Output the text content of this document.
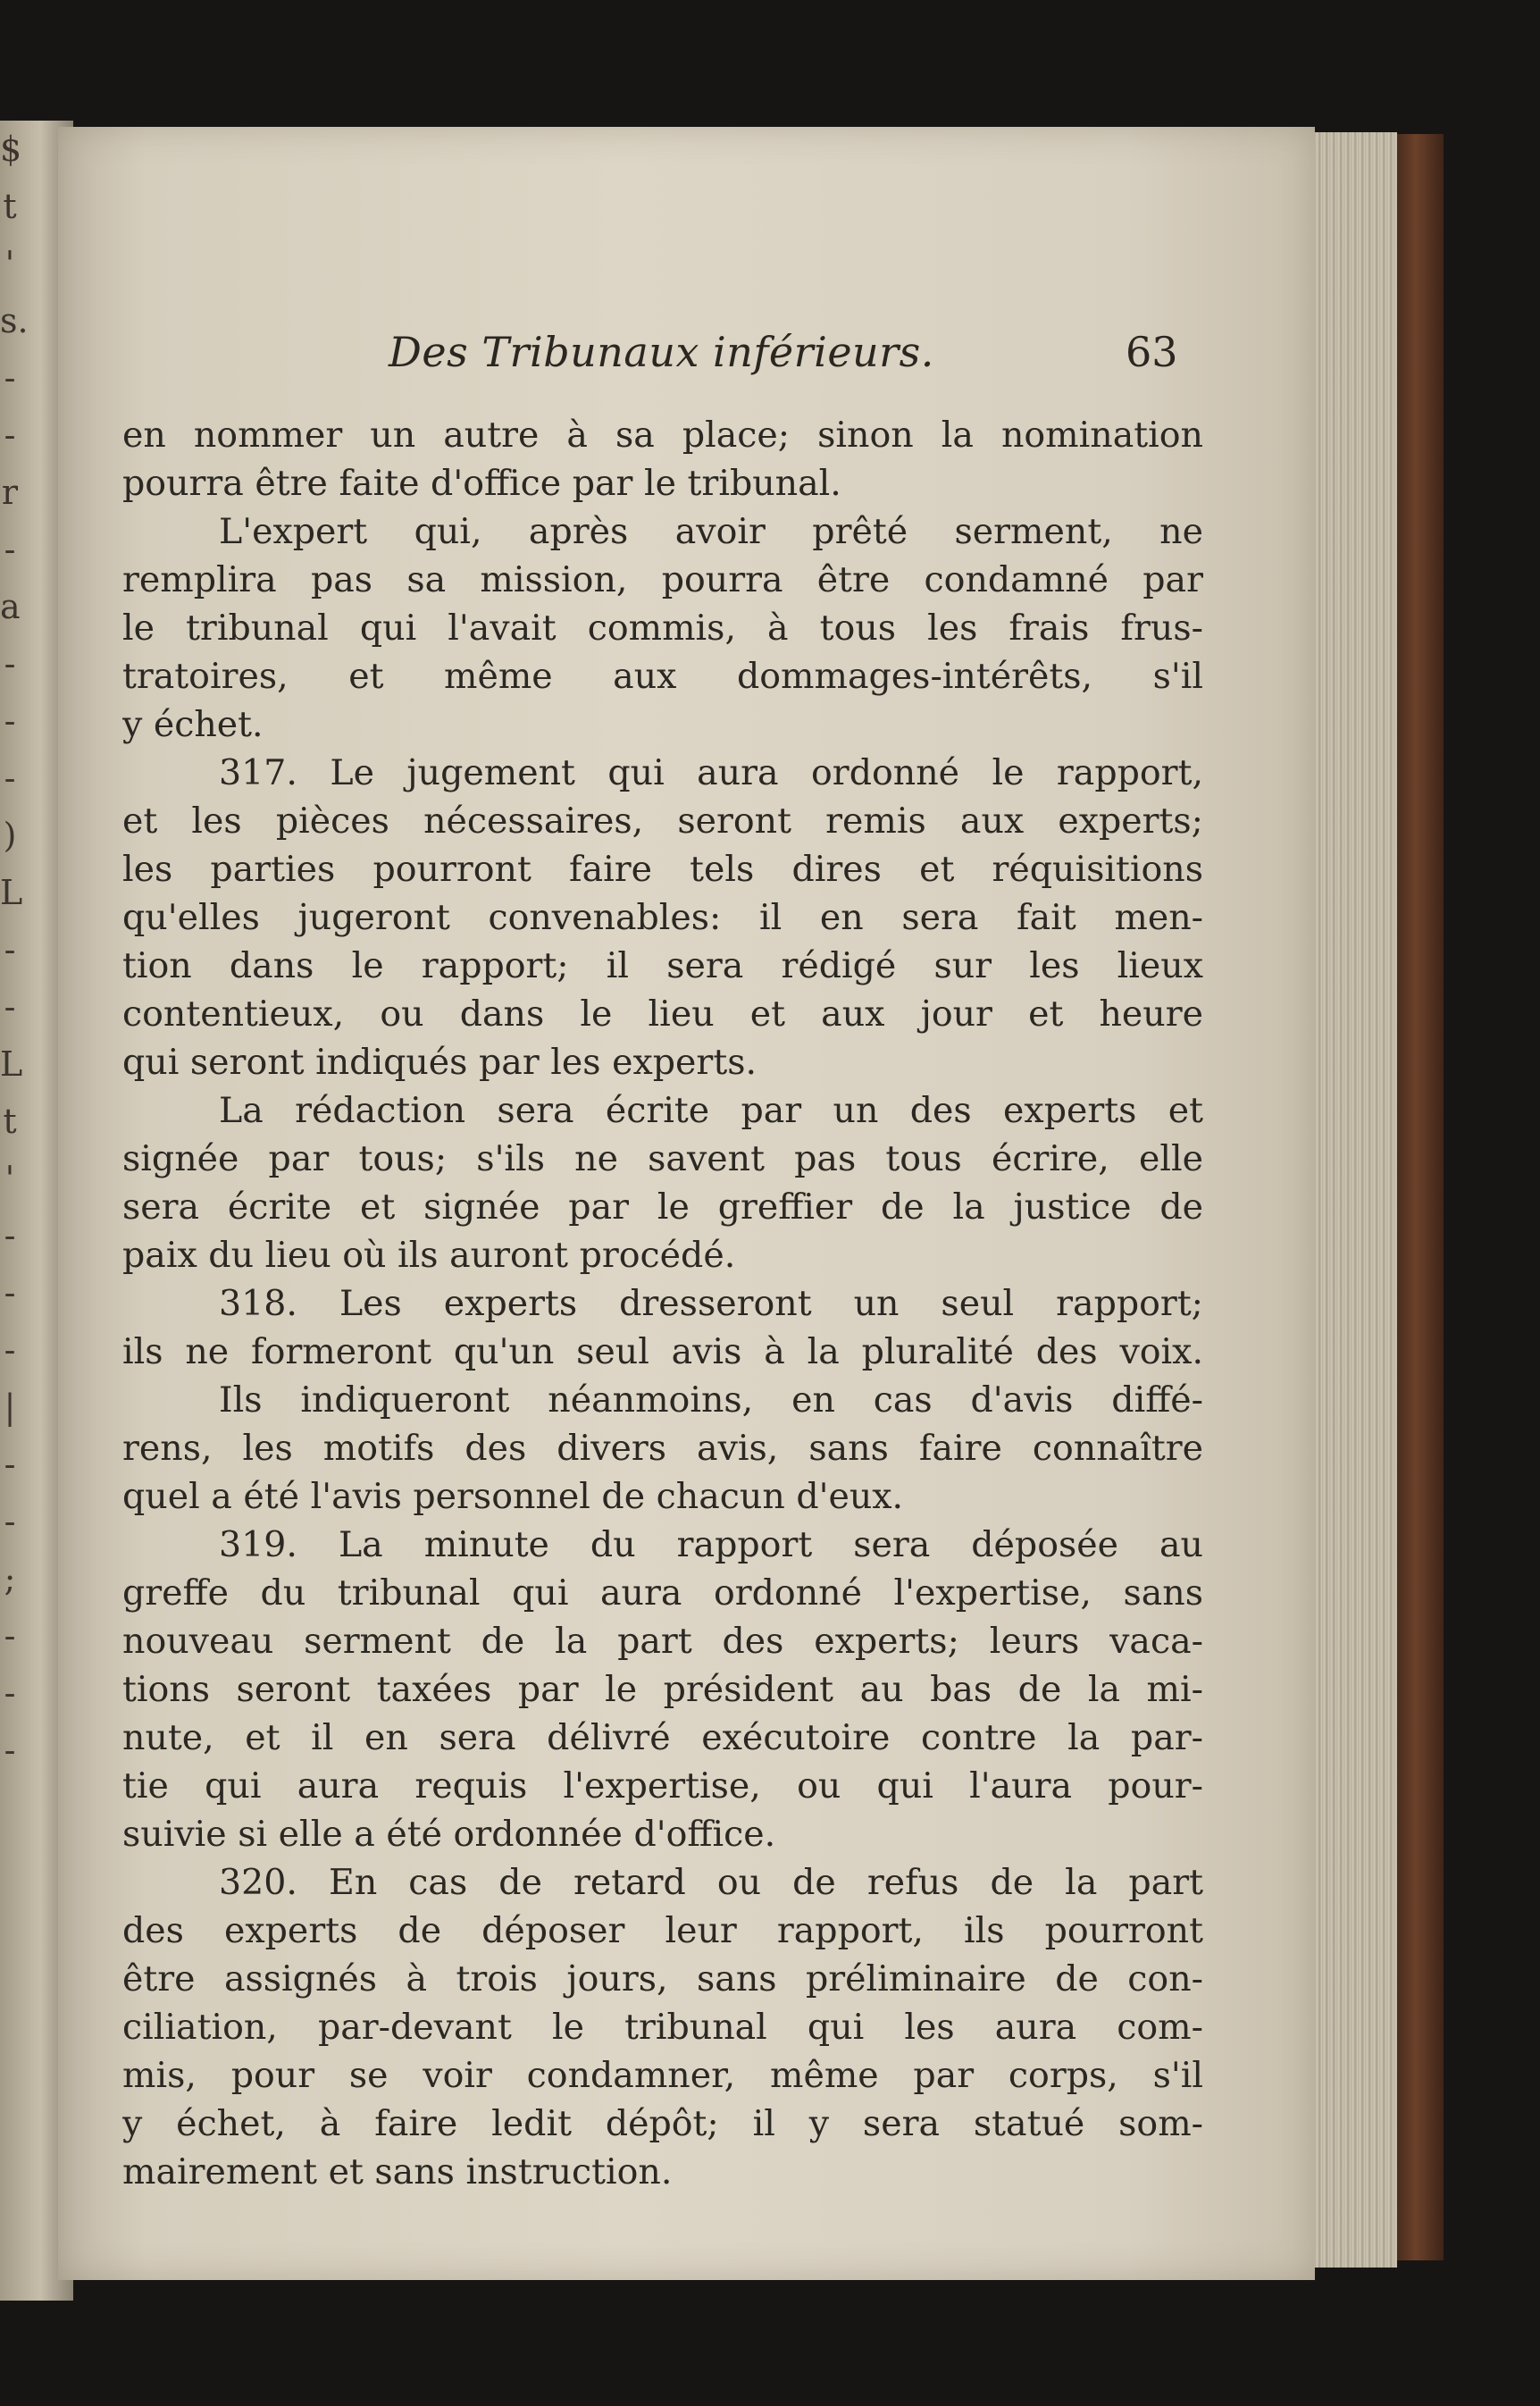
$
t
'
s.
-
-
r
-
a
-
-
-
)
L
-
-
L
t
'
-
-
-
|
-
-
;
-
-
-
Des Tribunaux inférieurs.	63
en nommer un autre à sa place; sinon la nomination
pourra être faite d'office par le tribunal.
L'expert qui, après avoir prêté serment, ne
remplira pas sa mission, pourra être condamné par
le tribunal qui l'avait commis, à tous les frais frus-
tratoires, et même aux dommages-intérêts, s'il
y échet.
317. Le jugement qui aura ordonné le rapport,
et les pièces nécessaires, seront remis aux experts;
les parties pourront faire tels dires et réquisitions
qu'elles jugeront convenables: il en sera fait men-
tion dans le rapport; il sera rédigé sur les lieux
contentieux, ou dans le lieu et aux jour et heure
qui seront indiqués par les experts.
La rédaction sera écrite par un des experts et
signée par tous; s'ils ne savent pas tous écrire, elle
sera écrite et signée par le greffier de la justice de
paix du lieu où ils auront procédé.
318. Les experts dresseront un seul rapport;
ils ne formeront qu'un seul avis à la pluralité des voix.
Ils indiqueront néanmoins, en cas d'avis diffé-
rens, les motifs des divers avis, sans faire connaître
quel a été l'avis personnel de chacun d'eux.
319. La minute du rapport sera déposée au
greffe du tribunal qui aura ordonné l'expertise, sans
nouveau serment de la part des experts; leurs vaca-
tions seront taxées par le président au bas de la mi-
nute, et il en sera délivré exécutoire contre la par-
tie qui aura requis l'expertise, ou qui l'aura pour-
suivie si elle a été ordonnée d'office.
320. En cas de retard ou de refus de la part
des experts de déposer leur rapport, ils pourront
être assignés à trois jours, sans préliminaire de con-
ciliation, par-devant le tribunal qui les aura com-
mis, pour se voir condamner, même par corps, s'il
y échet, à faire ledit dépôt; il y sera statué som-
mairement et sans instruction.
